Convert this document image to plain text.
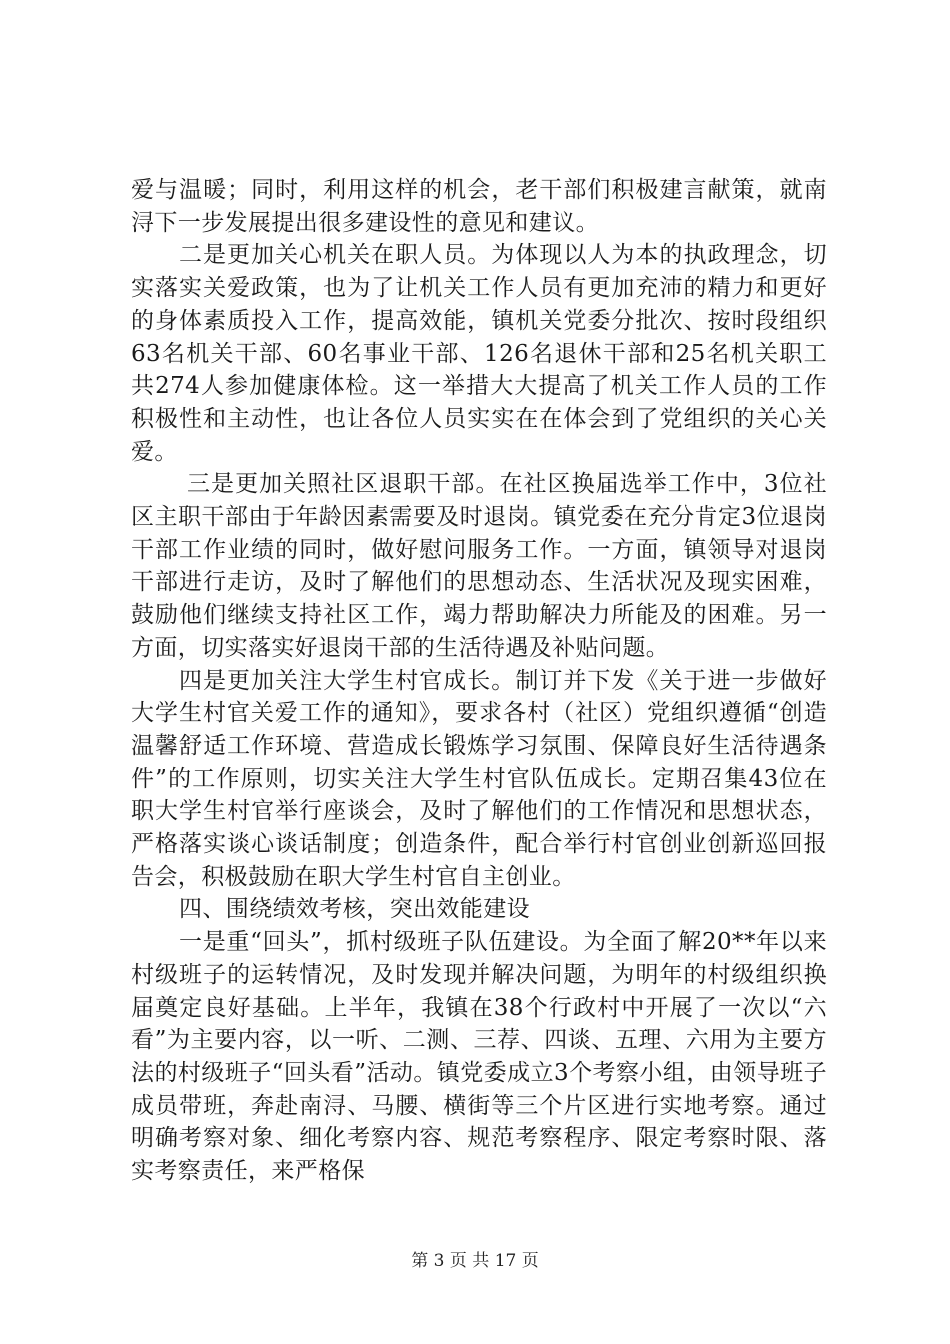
爱与温暖；同时，利用这样的机会，老干部们积极建言献策，就南浔下一步发展提出很多建设性的意见和建议。

二是更加关心机关在职人员。为体现以人为本的执政理念，切实落实关爱政策，也为了让机关工作人员有更加充沛的精力和更好的身体素质投入工作，提高效能，镇机关党委分批次、按时段组织63名机关干部、60名事业干部、126名退休干部和25名机关职工共274人参加健康体检。这一举措大大提高了机关工作人员的工作积极性和主动性，也让各位人员实实在在体会到了党组织的关心关爱。

三是更加关照社区退职干部。在社区换届选举工作中，3位社区主职干部由于年龄因素需要及时退岗。镇党委在充分肯定3位退岗干部工作业绩的同时，做好慰问服务工作。一方面，镇领导对退岗干部进行走访，及时了解他们的思想动态、生活状况及现实困难，鼓励他们继续支持社区工作，竭力帮助解决力所能及的困难。另一方面，切实落实好退岗干部的生活待遇及补贴问题。

四是更加关注大学生村官成长。制订并下发《关于进一步做好大学生村官关爱工作的通知》，要求各村（社区）党组织遵循“创造温馨舒适工作环境、营造成长锻炼学习氛围、保障良好生活待遇条件”的工作原则，切实关注大学生村官队伍成长。定期召集43位在职大学生村官举行座谈会，及时了解他们的工作情况和思想状态，严格落实谈心谈话制度；创造条件，配合举行村官创业创新巡回报告会，积极鼓励在职大学生村官自主创业。

四、围绕绩效考核，突出效能建设

一是重“回头”，抓村级班子队伍建设。为全面了解20**年以来村级班子的运转情况，及时发现并解决问题，为明年的村级组织换届奠定良好基础。上半年，我镇在38个行政村中开展了一次以“六看”为主要内容，以一听、二测、三荐、四谈、五理、六用为主要方法的村级班子“回头看”活动。镇党委成立3个考察小组，由领导班子成员带班，奔赴南浔、马腰、横街等三个片区进行实地考察。通过明确考察对象、细化考察内容、规范考察程序、限定考察时限、落实考察责任，来严格保

第 3 页 共 17 页
